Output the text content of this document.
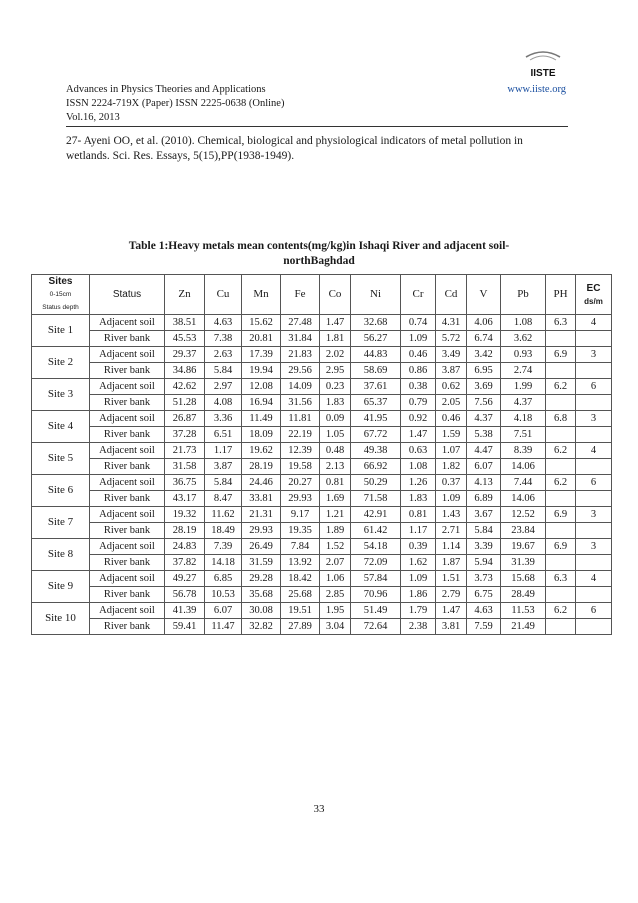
Advances in Physics Theories and Applications
ISSN 2224-719X (Paper) ISSN 2225-0638 (Online)
Vol.16, 2013
www.iiste.org
IISTE
27- Ayeni OO, et al. (2010). Chemical, biological and physiological indicators of metal pollution in wetlands. Sci. Res. Essays, 5(15),PP(1938-1949).
Table 1:Heavy metals mean contents(mg/kg)in Ishaqi River and adjacent soil-
northBaghdad
Sites
0-15cm
Status depth	Status	Zn	Cu	Mn	Fe	Co	Ni	Cr	Cd	V	Pb	PH	EC
ds/m

Site 1	Adjacent soil	38.51	4.63	15.62	27.48	1.47	32.68	0.74	4.31	4.06	1.08	6.3	4
	River bank	45.53	7.38	20.81	31.84	1.81	56.27	1.09	5.72	6.74	3.62		
Site 2	Adjacent soil	29.37	2.63	17.39	21.83	2.02	44.83	0.46	3.49	3.42	0.93	6.9	3
	River bank	34.86	5.84	19.94	29.56	2.95	58.69	0.86	3.87	6.95	2.74		
Site 3	Adjacent soil	42.62	2.97	12.08	14.09	0.23	37.61	0.38	0.62	3.69	1.99	6.2	6
	River bank	51.28	4.08	16.94	31.56	1.83	65.37	0.79	2.05	7.56	4.37		
Site 4	Adjacent soil	26.87	3.36	11.49	11.81	0.09	41.95	0.92	0.46	4.37	4.18	6.8	3
	River bank	37.28	6.51	18.09	22.19	1.05	67.72	1.47	1.59	5.38	7.51		
Site 5	Adjacent soil	21.73	1.17	19.62	12.39	0.48	49.38	0.63	1.07	4.47	8.39	6.2	4
	River bank	31.58	3.87	28.19	19.58	2.13	66.92	1.08	1.82	6.07	14.06		
Site 6	Adjacent soil	36.75	5.84	24.46	20.27	0.81	50.29	1.26	0.37	4.13	7.44	6.2	6
	River bank	43.17	8.47	33.81	29.93	1.69	71.58	1.83	1.09	6.89	14.06		
Site 7	Adjacent soil	19.32	11.62	21.31	9.17	1.21	42.91	0.81	1.43	3.67	12.52	6.9	3
	River bank	28.19	18.49	29.93	19.35	1.89	61.42	1.17	2.71	5.84	23.84		
Site 8	Adjacent soil	24.83	7.39	26.49	7.84	1.52	54.18	0.39	1.14	3.39	19.67	6.9	3
	River bank	37.82	14.18	31.59	13.92	2.07	72.09	1.62	1.87	5.94	31.39		
Site 9	Adjacent soil	49.27	6.85	29.28	18.42	1.06	57.84	1.09	1.51	3.73	15.68	6.3	4
	River bank	56.78	10.53	35.68	25.68	2.85	70.96	1.86	2.79	6.75	28.49		
Site 10	Adjacent soil	41.39	6.07	30.08	19.51	1.95	51.49	1.79	1.47	4.63	11.53	6.2	6
	River bank	59.41	11.47	32.82	27.89	3.04	72.64	2.38	3.81	7.59	21.49		
33
